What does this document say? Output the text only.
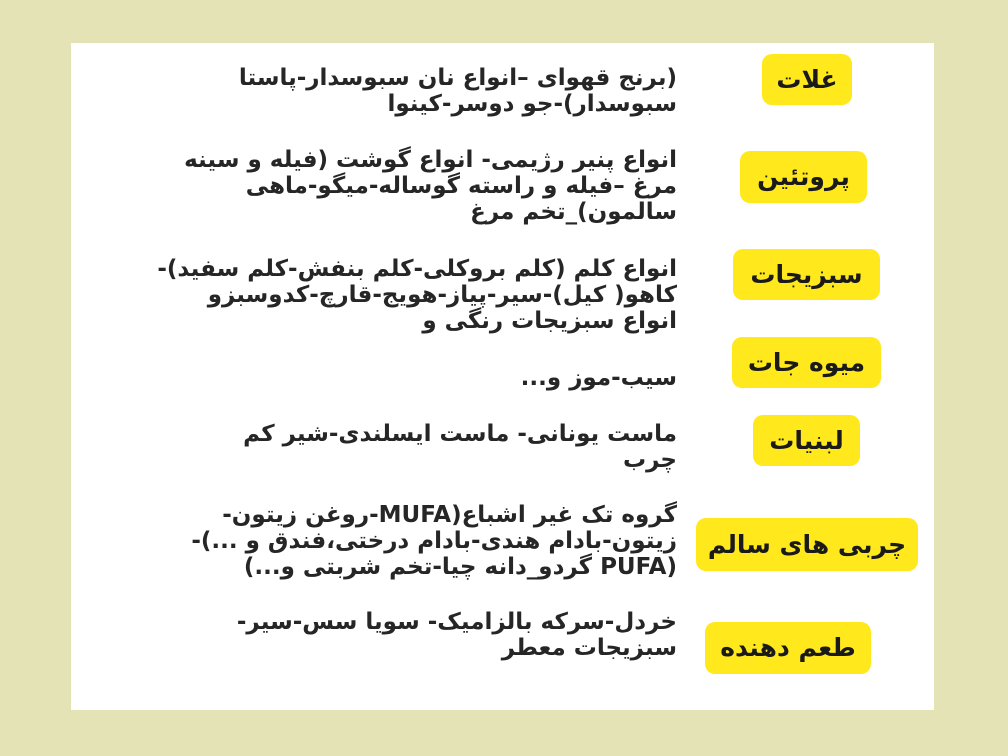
(برنج قهوای –انواع نان سبوسدار-پاستا
سبوسدار)-جو دوسر-کینوا

غلات

انواع پنیر رژیمی- انواع گوشت (فیله و سینه
مرغ –فیله و راسته گوساله-میگو-ماهی
سالمون)_تخم مرغ

پروتئین

انواع کلم (کلم بروکلی-کلم بنفش-کلم سفید)-
کاهو( کیل)-سیر-پیاز-هویج-قارچ-کدوسبزو
انواع سبزیجات رنگی و

سبزیجات

سیب-موز و...

میوه جات

ماست یونانی- ماست ایسلندی-شیر کم
چرب

لبنیات

گروه تک غیر اشباع(MUFA-روغن زیتون-
زیتون-بادام هندی-بادام درختی،فندق و ...)-
(PUFA گردو_دانه چیا-تخم شربتی و...)

چربی های سالم

خردل-سرکه بالزامیک- سویا سس-سیر-
سبزیجات معطر	طعم دهنده
